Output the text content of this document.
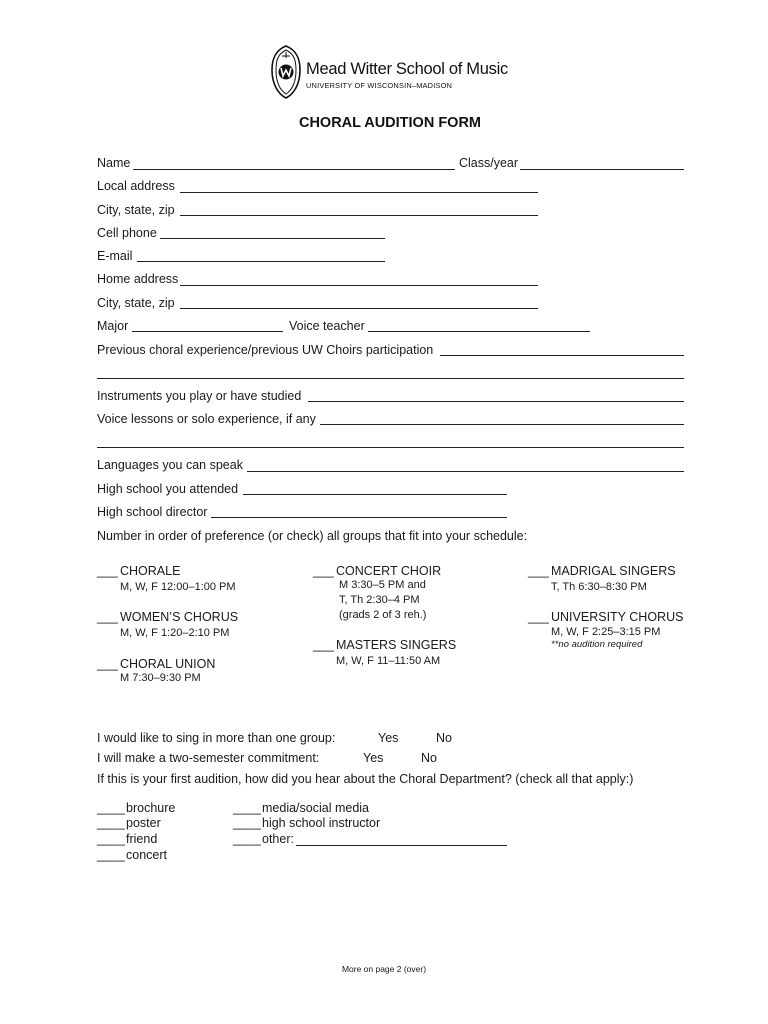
Mead Witter School of Music
UNIVERSITY OF WISCONSIN–MADISON
CHORAL AUDITION FORM
Name	Class/year
Local address
City, state, zip
Cell phone
E-mail
Home address
City, state, zip
Major	Voice teacher
Previous choral experience/previous UW Choirs participation
Instruments you play or have studied
Voice lessons or solo experience, if any
Languages you can speak
High school you attended
High school director
Number in order of preference (or check) all groups that fit into your schedule:
___ CHORALE
M, W, F 12:00–1:00 PM
___ WOMEN’S CHORUS
M, W, F 1:20–2:10 PM
___ CHORAL UNION
M 7:30–9:30 PM
___ CONCERT CHOIR
M 3:30–5 PM and
T, Th 2:30–4 PM
(grads 2 of 3 reh.)
___ MASTERS SINGERS
M, W, F 11–11:50 AM
___ MADRIGAL SINGERS
T, Th 6:30–8:30 PM
___ UNIVERSITY CHORUS
M, W, F 2:25–3:15 PM
**no audition required
I would like to sing in more than one group:	Yes	No
I will make a two-semester commitment:	Yes	No
If this is your first audition, how did you hear about the Choral Department? (check all that apply:)
____ brochure
____ poster
____ friend
____ concert
____ media/social media
____ high school instructor
____ other:
More on page 2 (over)
